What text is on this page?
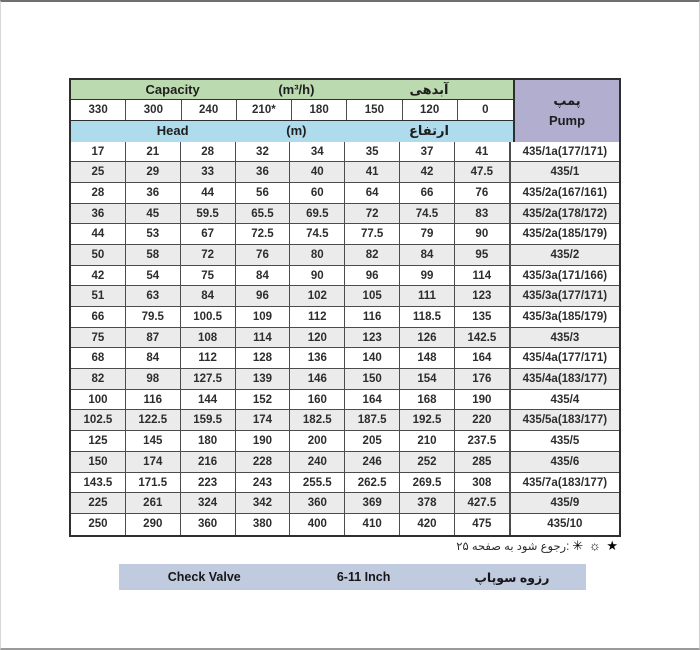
Capacity	(m³/h)	آبدهی
330	300	240	210*	180	150	120	0
Head	(m)	ارتفاع
پمپ
Pump
17	21	28	32	34	35	37	41	435/1a(177/171)
25	29	33	36	40	41	42	47.5	435/1
28	36	44	56	60	64	66	76	435/2a(167/161)
36	45	59.5	65.5	69.5	72	74.5	83	435/2a(178/172)
44	53	67	72.5	74.5	77.5	79	90	435/2a(185/179)
50	58	72	76	80	82	84	95	435/2
42	54	75	84	90	96	99	114	435/3a(171/166)
51	63	84	96	102	105	111	123	435/3a(177/171)
66	79.5	100.5	109	112	116	118.5	135	435/3a(185/179)
75	87	108	114	120	123	126	142.5	435/3
68	84	112	128	136	140	148	164	435/4a(177/171)
82	98	127.5	139	146	150	154	176	435/4a(183/177)
100	116	144	152	160	164	168	190	435/4
102.5	122.5	159.5	174	182.5	187.5	192.5	220	435/5a(183/177)
125	145	180	190	200	205	210	237.5	435/5
150	174	216	228	240	246	252	285	435/6
143.5	171.5	223	243	255.5	262.5	269.5	308	435/7a(183/177)
225	261	324	342	360	369	378	427.5	435/9
250	290	360	380	400	410	420	475	435/10
★ ☼ ✳
:رجوع شود به صفحه ۲۵
Check Valve	6-11 Inch	رزوه سوپاپ
